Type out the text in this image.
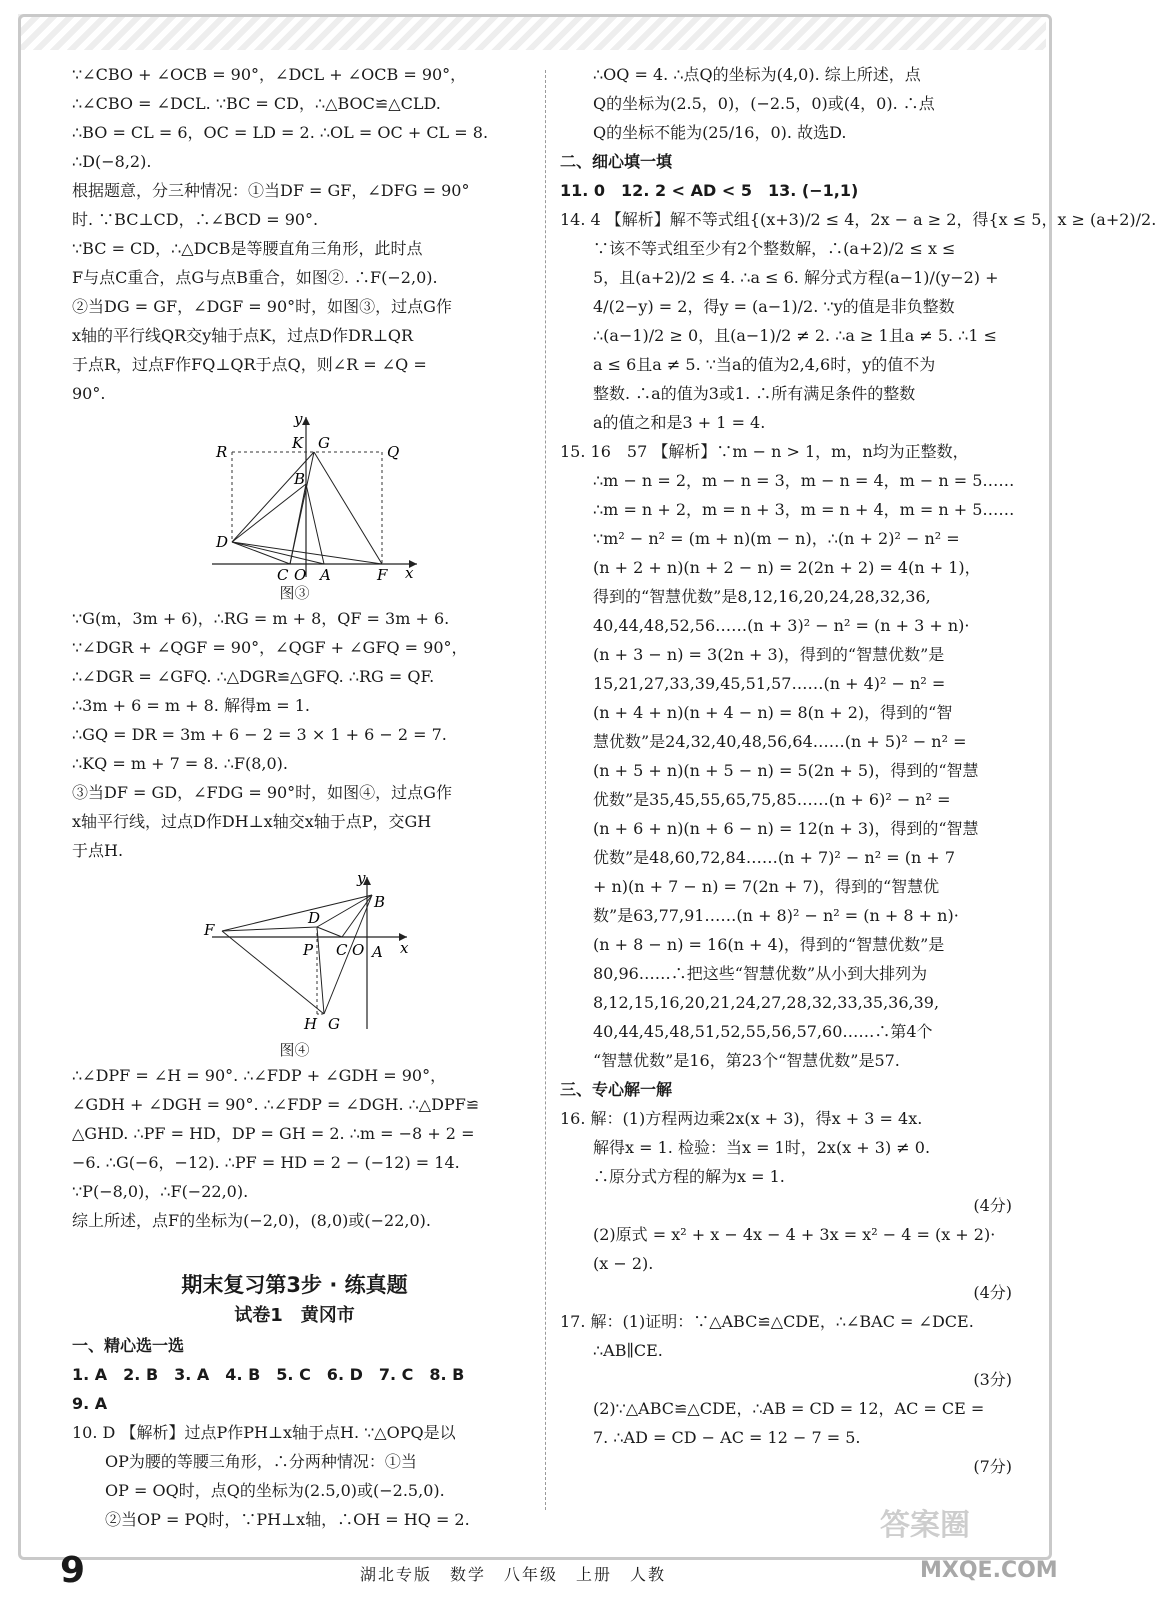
∵∠CBO + ∠OCB = 90°，∠DCL + ∠OCB = 90°，
∴∠CBO = ∠DCL. ∵BC = CD，∴△BOC≌△CLD.
∴BO = CL = 6，OC = LD = 2. ∴OL = OC + CL = 8.
∴D(−8,2).
根据题意，分三种情况：①当DF = GF，∠DFG = 90°
时. ∵BC⊥CD，∴∠BCD = 90°.
∵BC = CD，∴△DCB是等腰直角三角形，此时点
F与点C重合，点G与点B重合，如图②. ∴F(−2,0).
②当DG = GF，∠DGF = 90°时，如图③，过点G作
x轴的平行线QR交y轴于点K，过点D作DR⊥QR
于点R，过点F作FQ⊥QR于点Q，则∠R = ∠Q =
90°.
y
K G
R	Q
B
D
C O A	F x
图③
∵G(m，3m + 6)，∴RG = m + 8，QF = 3m + 6.
∵∠DGR + ∠QGF = 90°，∠QGF + ∠GFQ = 90°，
∴∠DGR = ∠GFQ. ∴△DGR≌△GFQ. ∴RG = QF.
∴3m + 6 = m + 8. 解得m = 1.
∴GQ = DR = 3m + 6 − 2 = 3 × 1 + 6 − 2 = 7.
∴KQ = m + 7 = 8. ∴F(8,0).
③当DF = GD，∠FDG = 90°时，如图④，过点G作
x轴平行线，过点D作DH⊥x轴交x轴于点P，交GH
于点H.
y
B
F
D
P C O A x
H G
图④
∴∠DPF = ∠H = 90°. ∴∠FDP + ∠GDH = 90°，
∠GDH + ∠DGH = 90°. ∴∠FDP = ∠DGH. ∴△DPF≌
△GHD. ∴PF = HD，DP = GH = 2. ∴m = −8 + 2 =
−6. ∴G(−6，−12). ∴PF = HD = 2 − (−12) = 14.
∵P(−8,0)，∴F(−22,0).
综上所述，点F的坐标为(−2,0)，(8,0)或(−22,0).
期末复习第3步 · 练真题
试卷1　黄冈市
一、精心选一选
1. A　2. B　3. A　4. B　5. C　6. D　7. C　8. B
9. A
10. D 【解析】过点P作PH⊥x轴于点H. ∵△OPQ是以
OP为腰的等腰三角形，∴分两种情况：①当
OP = OQ时，点Q的坐标为(2.5,0)或(−2.5,0).
②当OP = PQ时，∵PH⊥x轴，∴OH = HQ = 2.
∴OQ = 4. ∴点Q的坐标为(4,0). 综上所述，点
Q的坐标为(2.5，0)，(−2.5，0)或(4，0). ∴点
Q的坐标不能为(25/16，0). 故选D.
二、细心填一填
11. 0　12. 2 < AD < 5　13. (−1,1)
14. 4 【解析】解不等式组{(x+3)/2 ≤ 4，2x − a ≥ 2，得{x ≤ 5，x ≥ (a+2)/2.
∵该不等式组至少有2个整数解，∴(a+2)/2 ≤ x ≤
5，且(a+2)/2 ≤ 4. ∴a ≤ 6. 解分式方程(a−1)/(y−2) +
4/(2−y) = 2，得y = (a−1)/2. ∵y的值是非负整数
∴(a−1)/2 ≥ 0，且(a−1)/2 ≠ 2. ∴a ≥ 1且a ≠ 5. ∴1 ≤
a ≤ 6且a ≠ 5. ∵当a的值为2,4,6时，y的值不为
整数. ∴a的值为3或1. ∴所有满足条件的整数
a的值之和是3 + 1 = 4.
15. 16　57 【解析】∵m − n > 1，m，n均为正整数，
∴m − n = 2，m − n = 3，m − n = 4，m − n = 5……
∴m = n + 2，m = n + 3，m = n + 4，m = n + 5……
∵m² − n² = (m + n)(m − n)，∴(n + 2)² − n² =
(n + 2 + n)(n + 2 − n) = 2(2n + 2) = 4(n + 1)，
得到的“智慧优数”是8,12,16,20,24,28,32,36,
40,44,48,52,56……(n + 3)² − n² = (n + 3 + n)·
(n + 3 − n) = 3(2n + 3)，得到的“智慧优数”是
15,21,27,33,39,45,51,57……(n + 4)² − n² =
(n + 4 + n)(n + 4 − n) = 8(n + 2)，得到的“智
慧优数”是24,32,40,48,56,64……(n + 5)² − n² =
(n + 5 + n)(n + 5 − n) = 5(2n + 5)，得到的“智慧
优数”是35,45,55,65,75,85……(n + 6)² − n² =
(n + 6 + n)(n + 6 − n) = 12(n + 3)，得到的“智慧
优数”是48,60,72,84……(n + 7)² − n² = (n + 7
+ n)(n + 7 − n) = 7(2n + 7)，得到的“智慧优
数”是63,77,91……(n + 8)² − n² = (n + 8 + n)·
(n + 8 − n) = 16(n + 4)，得到的“智慧优数”是
80,96……∴把这些“智慧优数”从小到大排列为
8,12,15,16,20,21,24,27,28,32,33,35,36,39,
40,44,45,48,51,52,55,56,57,60……∴第4个
“智慧优数”是16，第23个“智慧优数”是57.
三、专心解一解
16. 解：(1)方程两边乘2x(x + 3)，得x + 3 = 4x.
解得x = 1. 检验：当x = 1时，2x(x + 3) ≠ 0.
∴原分式方程的解为x = 1.
(4分)

(2)原式 = x² + x − 4x − 4 + 3x = x² − 4 = (x + 2)·
(x − 2).
(4分)

17. 解：(1)证明：∵△ABC≌△CDE，∴∠BAC = ∠DCE.
∴AB∥CE.
(3分)

(2)∵△ABC≌△CDE，∴AB = CD = 12，AC = CE =
7. ∴AD = CD − AC = 12 − 7 = 5.
(7分)

答案圈
9	湖北专版　数学　八年级　上册　人教	MXQE.COM
